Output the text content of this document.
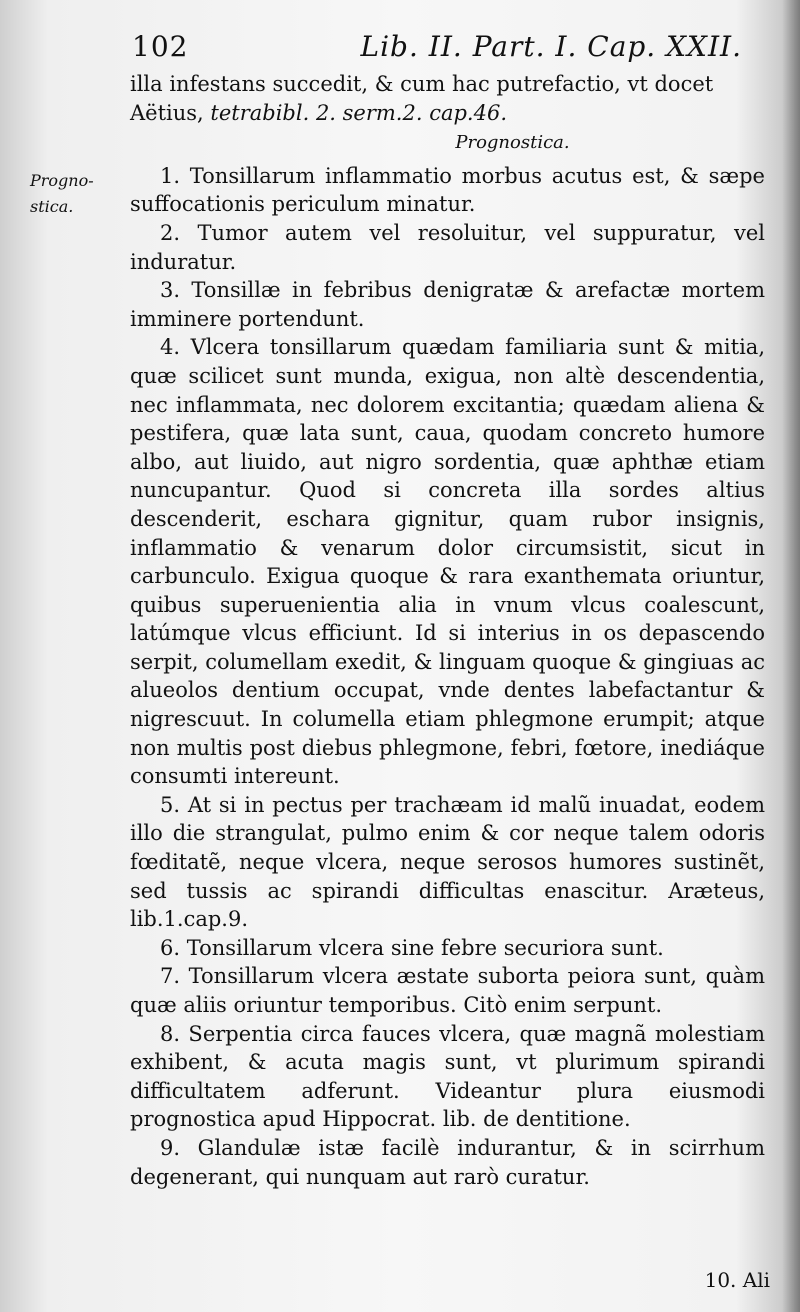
102	Lib. II. Part. I. Cap. XXII.
Progno-
stica.

illa infestans succedit, & cum hac putrefactio, vt docet

Aëtius, tetrabibl. 2. serm.2. cap.46.

Prognostica.

1. Tonsillarum inflammatio morbus acutus est, & sæpe suffocationis periculum minatur.

2. Tumor autem vel resoluitur, vel suppuratur, vel induratur.

3. Tonsillæ in febribus denigratæ & arefactæ mortem imminere portendunt.

4. Vlcera tonsillarum quædam familiaria sunt & mitia, quæ scilicet sunt munda, exigua, non altè descendentia, nec inflammata, nec dolorem excitantia; quædam aliena & pestifera, quæ lata sunt, caua, quodam concreto humore albo, aut liuido, aut nigro sordentia, quæ aphthæ etiam nuncupantur. Quod si concreta illa sordes altius descenderit, eschara gignitur, quam rubor insignis, inflammatio & venarum dolor circumsistit, sicut in carbunculo. Exigua quoque & rara exanthemata oriuntur, quibus superuenientia alia in vnum vlcus coalescunt, latúmque vlcus efficiunt. Id si interius in os depascendo serpit, columellam exedit, & linguam quoque & gingiuas ac alueolos dentium occupat, vnde dentes labefactantur & nigrescuut. In columella etiam phlegmone erumpit; atque non multis post diebus phlegmone, febri, fœtore, inediáque consumti intereunt.

5. At si in pectus per trachæam id malũ inuadat, eodem illo die strangulat, pulmo enim & cor neque talem odoris fœditatẽ, neque vlcera, neque serosos humores sustinẽt, sed tussis ac spirandi difficultas enascitur. Aræteus, lib.1.cap.9.

6. Tonsillarum vlcera sine febre securiora sunt.

7. Tonsillarum vlcera æstate suborta peiora sunt, quàm quæ aliis oriuntur temporibus. Citò enim serpunt.

8. Serpentia circa fauces vlcera, quæ magnã molestiam exhibent, & acuta magis sunt, vt plurimum spirandi difficultatem adferunt. Videantur plura eiusmodi prognostica apud Hippocrat. lib. de dentitione.

9. Glandulæ istæ facilè indurantur, & in scirrhum degenerant, qui nunquam aut rarò curatur.

10. Ali
